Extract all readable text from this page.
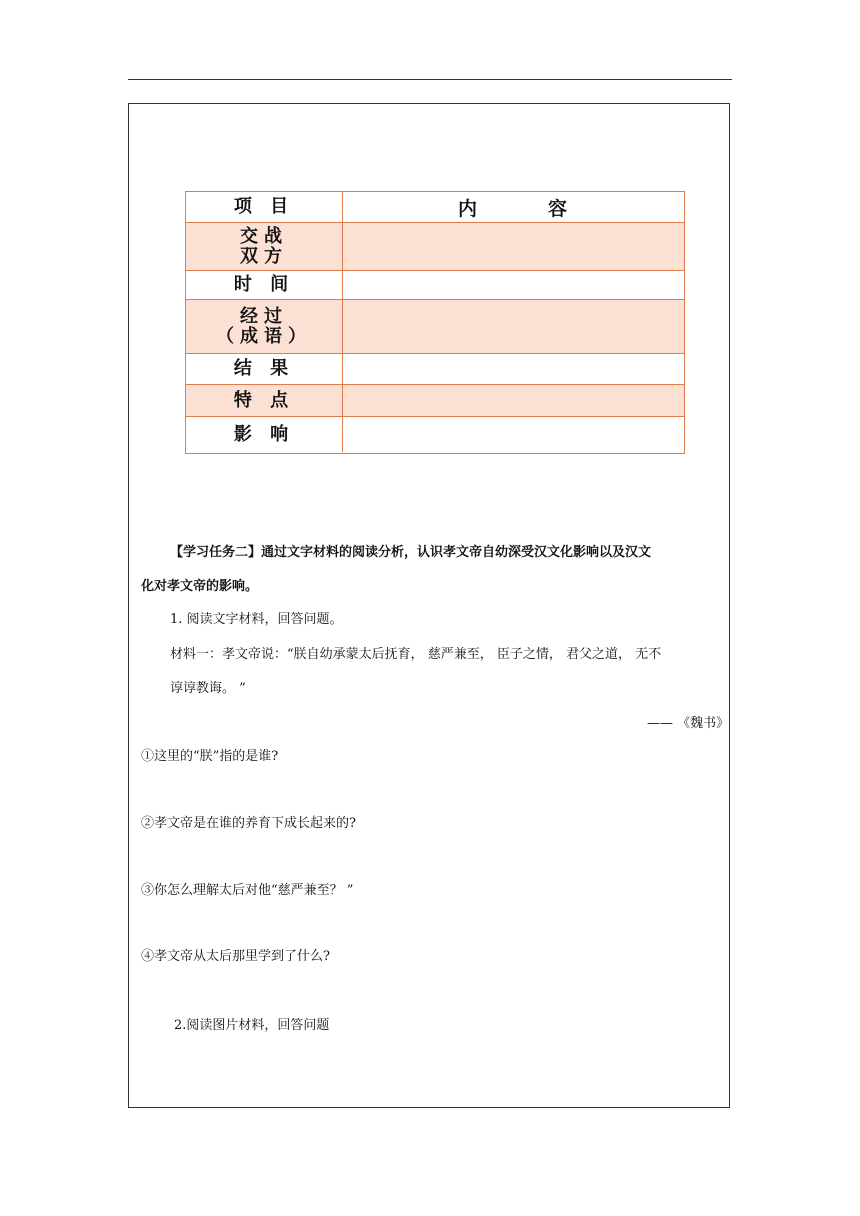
项 目	内        容
交战
双方
时 间
经过
（成语）
结 果
特 点
影 响
【学习任务二】通过文字材料的阅读分析，认识孝文帝自幼深受汉文化影响以及汉文
化对孝文帝的影响。
1. 阅读文字材料，回答问题。
材料一：孝文帝说：“朕自幼承蒙太后抚育， 慈严兼至， 臣子之情， 君父之道， 无不
谆谆教诲。 ”
—— 《魏书》
①这里的“朕”指的是谁?
②孝文帝是在谁的养育下成长起来的?
③你怎么理解太后对他“慈严兼至？ ”
④孝文帝从太后那里学到了什么?
2.阅读图片材料，回答问题
